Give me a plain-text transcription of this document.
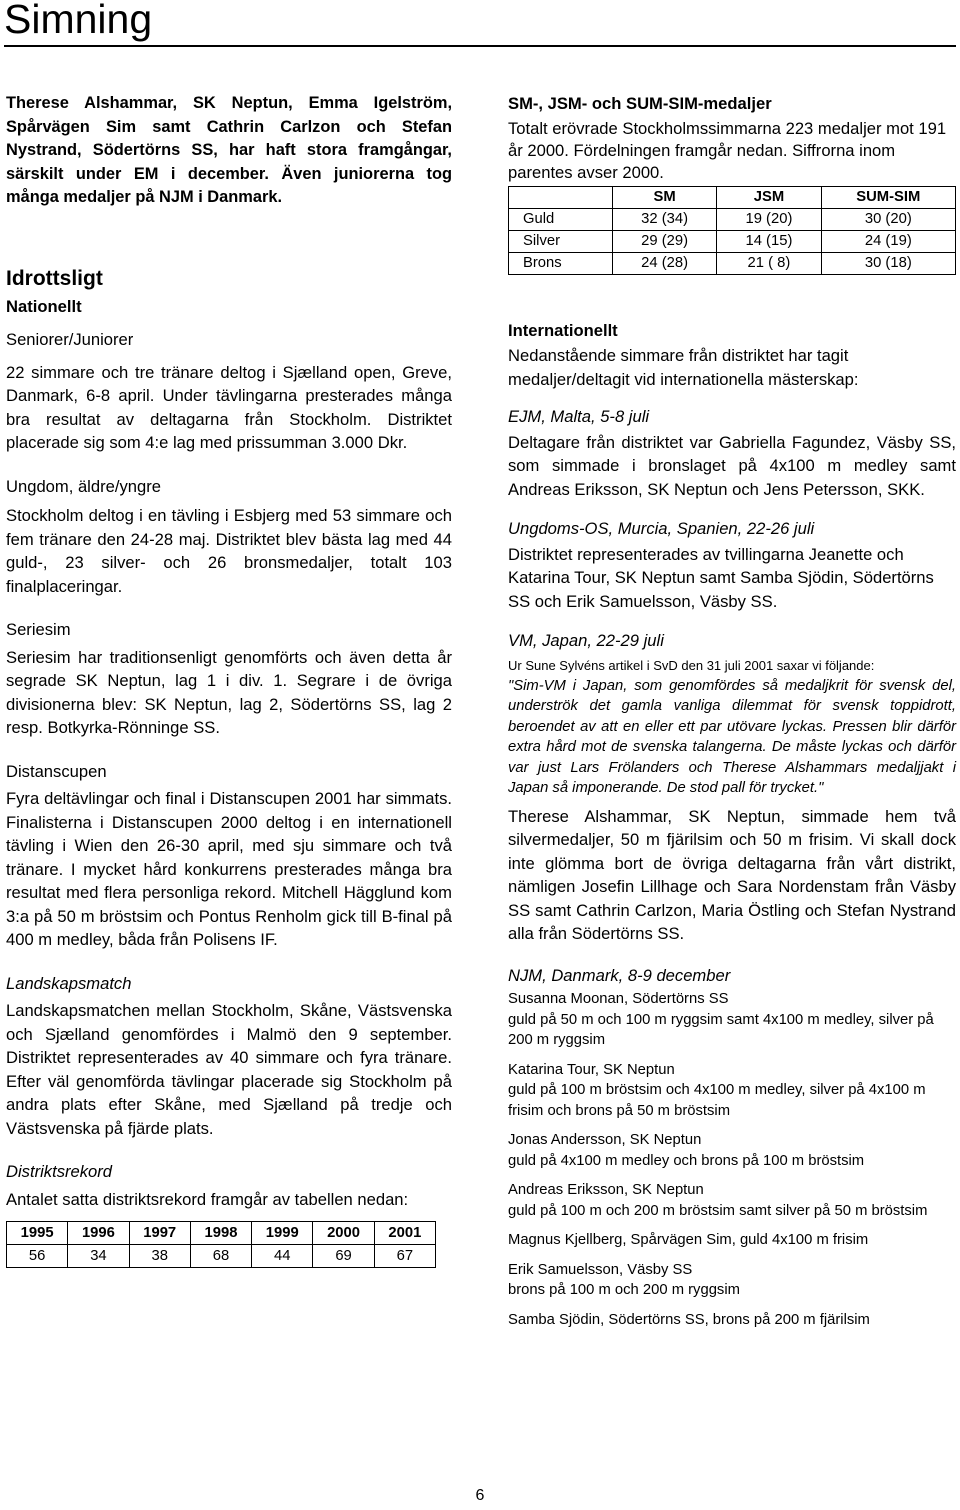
Simning

Therese Alshammar, SK Neptun, Emma Igelström, Spårvägen Sim samt Cathrin Carlzon och Stefan Nystrand, Södertörns SS, har haft stora framgångar, särskilt under EM i december. Även juniorerna tog många medaljer på NJM i Danmark.

Idrottsligt
Nationellt
Seniorer/Juniorer

22 simmare och tre tränare deltog i Sjælland open, Greve, Danmark, 6-8 april. Under tävlingarna presterades många bra resultat av deltagarna från Stockholm. Distriktet placerade sig som 4:e lag med prissumman 3.000 Dkr.

Ungdom, äldre/yngre

Stockholm deltog i en tävling i Esbjerg med 53 simmare och fem tränare den 24-28 maj. Distriktet blev bästa lag med 44 guld-, 23 silver- och 26 bronsmedaljer, totalt 103 finalplaceringar.

Seriesim

Seriesim har traditionsenligt genomförts och även detta år segrade SK Neptun, lag 1 i div. 1. Segrare i de övriga divisionerna blev: SK Neptun, lag 2, Södertörns SS, lag 2 resp. Botkyrka-Rönninge SS.

Distanscupen

Fyra deltävlingar och final i Distanscupen 2001 har simmats. Finalisterna i Distanscupen 2000 deltog i en internationell tävling i Wien den 26-30 april, med sju simmare och två tränare. I mycket hård konkurrens presterades många bra resultat med flera personliga rekord. Mitchell Hägglund kom 3:a på 50 m bröstsim och Pontus Renholm gick till B-final på 400 m medley, båda från Polisens IF.

Landskapsmatch

Landskapsmatchen mellan Stockholm, Skåne, Västsvenska och Sjælland genomfördes i Malmö den 9 september. Distriktet representerades av 40 simmare och fyra tränare. Efter väl genomförda tävlingar placerade sig Stockholm på andra plats efter Skåne, med Sjælland på tredje och Västsvenska på fjärde plats.

Distriktsrekord

Antalet satta distriktsrekord framgår av tabellen nedan:

1995	1996	1997	1998	1999	2000	2001
56	34	38	68	44	69	67
SM-, JSM- och SUM-SIM-medaljer

Totalt erövrade Stockholmssimmarna 223 medaljer mot 191 år 2000. Fördelningen framgår nedan. Siffrorna inom parentes avser 2000.

	SM	JSM	SUM-SIM
Guld	32 (34)	19 (20)	30 (20)
Silver	29 (29)	14 (15)	24 (19)
Brons	24 (28)	21 ( 8)	30 (18)
Internationellt

Nedanstående simmare från distriktet har tagit medaljer/deltagit vid internationella mästerskap:

EJM, Malta, 5-8 juli

Deltagare från distriktet var Gabriella Fagundez, Väsby SS, som simmade i bronslaget på 4x100 m medley samt Andreas Eriksson, SK Neptun och Jens Petersson, SKK.

Ungdoms-OS, Murcia, Spanien, 22-26 juli

Distriktet representerades av tvillingarna Jeanette och Katarina Tour, SK Neptun samt Samba Sjödin, Södertörns SS och Erik Samuelsson, Väsby SS.

VM, Japan, 22-29 juli

Ur Sune Sylvéns artikel i SvD den 31 juli 2001 saxar vi följande:

"Sim-VM i Japan, som genomfördes så medaljkrit för svensk del, underströk det gamla vanliga dilemmat för svensk toppidrott, beroendet av att en eller ett par utövare lyckas. Pressen blir därför extra hård mot de svenska talangerna. De måste lyckas och därför var just Lars Frölanders och Therese Alshammars medaljjakt i Japan så imponerande. De stod pall för trycket."

Therese Alshammar, SK Neptun, simmade hem två silvermedaljer, 50 m fjärilsim och 50 m frisim. Vi skall dock inte glömma bort de övriga deltagarna från vårt distrikt, nämligen Josefin Lillhage och Sara Nordenstam från Väsby SS samt Cathrin Carlzon, Maria Östling och Stefan Nystrand alla från Södertörns SS.

NJM, Danmark, 8-9 december
Susanna Moonan, Södertörns SS
guld på 50 m och 100 m ryggsim samt 4x100 m medley, silver på 200 m ryggsim
Katarina Tour, SK Neptun
guld på 100 m bröstsim och 4x100 m medley, silver på 4x100 m frisim och brons på 50 m bröstsim
Jonas Andersson, SK Neptun
guld på 4x100 m medley och brons på 100 m bröstsim
Andreas Eriksson, SK Neptun
guld på 100 m och 200 m bröstsim samt silver på 50 m bröstsim
Magnus Kjellberg, Spårvägen Sim, guld 4x100 m frisim
Erik Samuelsson, Väsby SS
brons på 100 m och 200 m ryggsim
Samba Sjödin, Södertörns SS, brons på 200 m fjärilsim
6
